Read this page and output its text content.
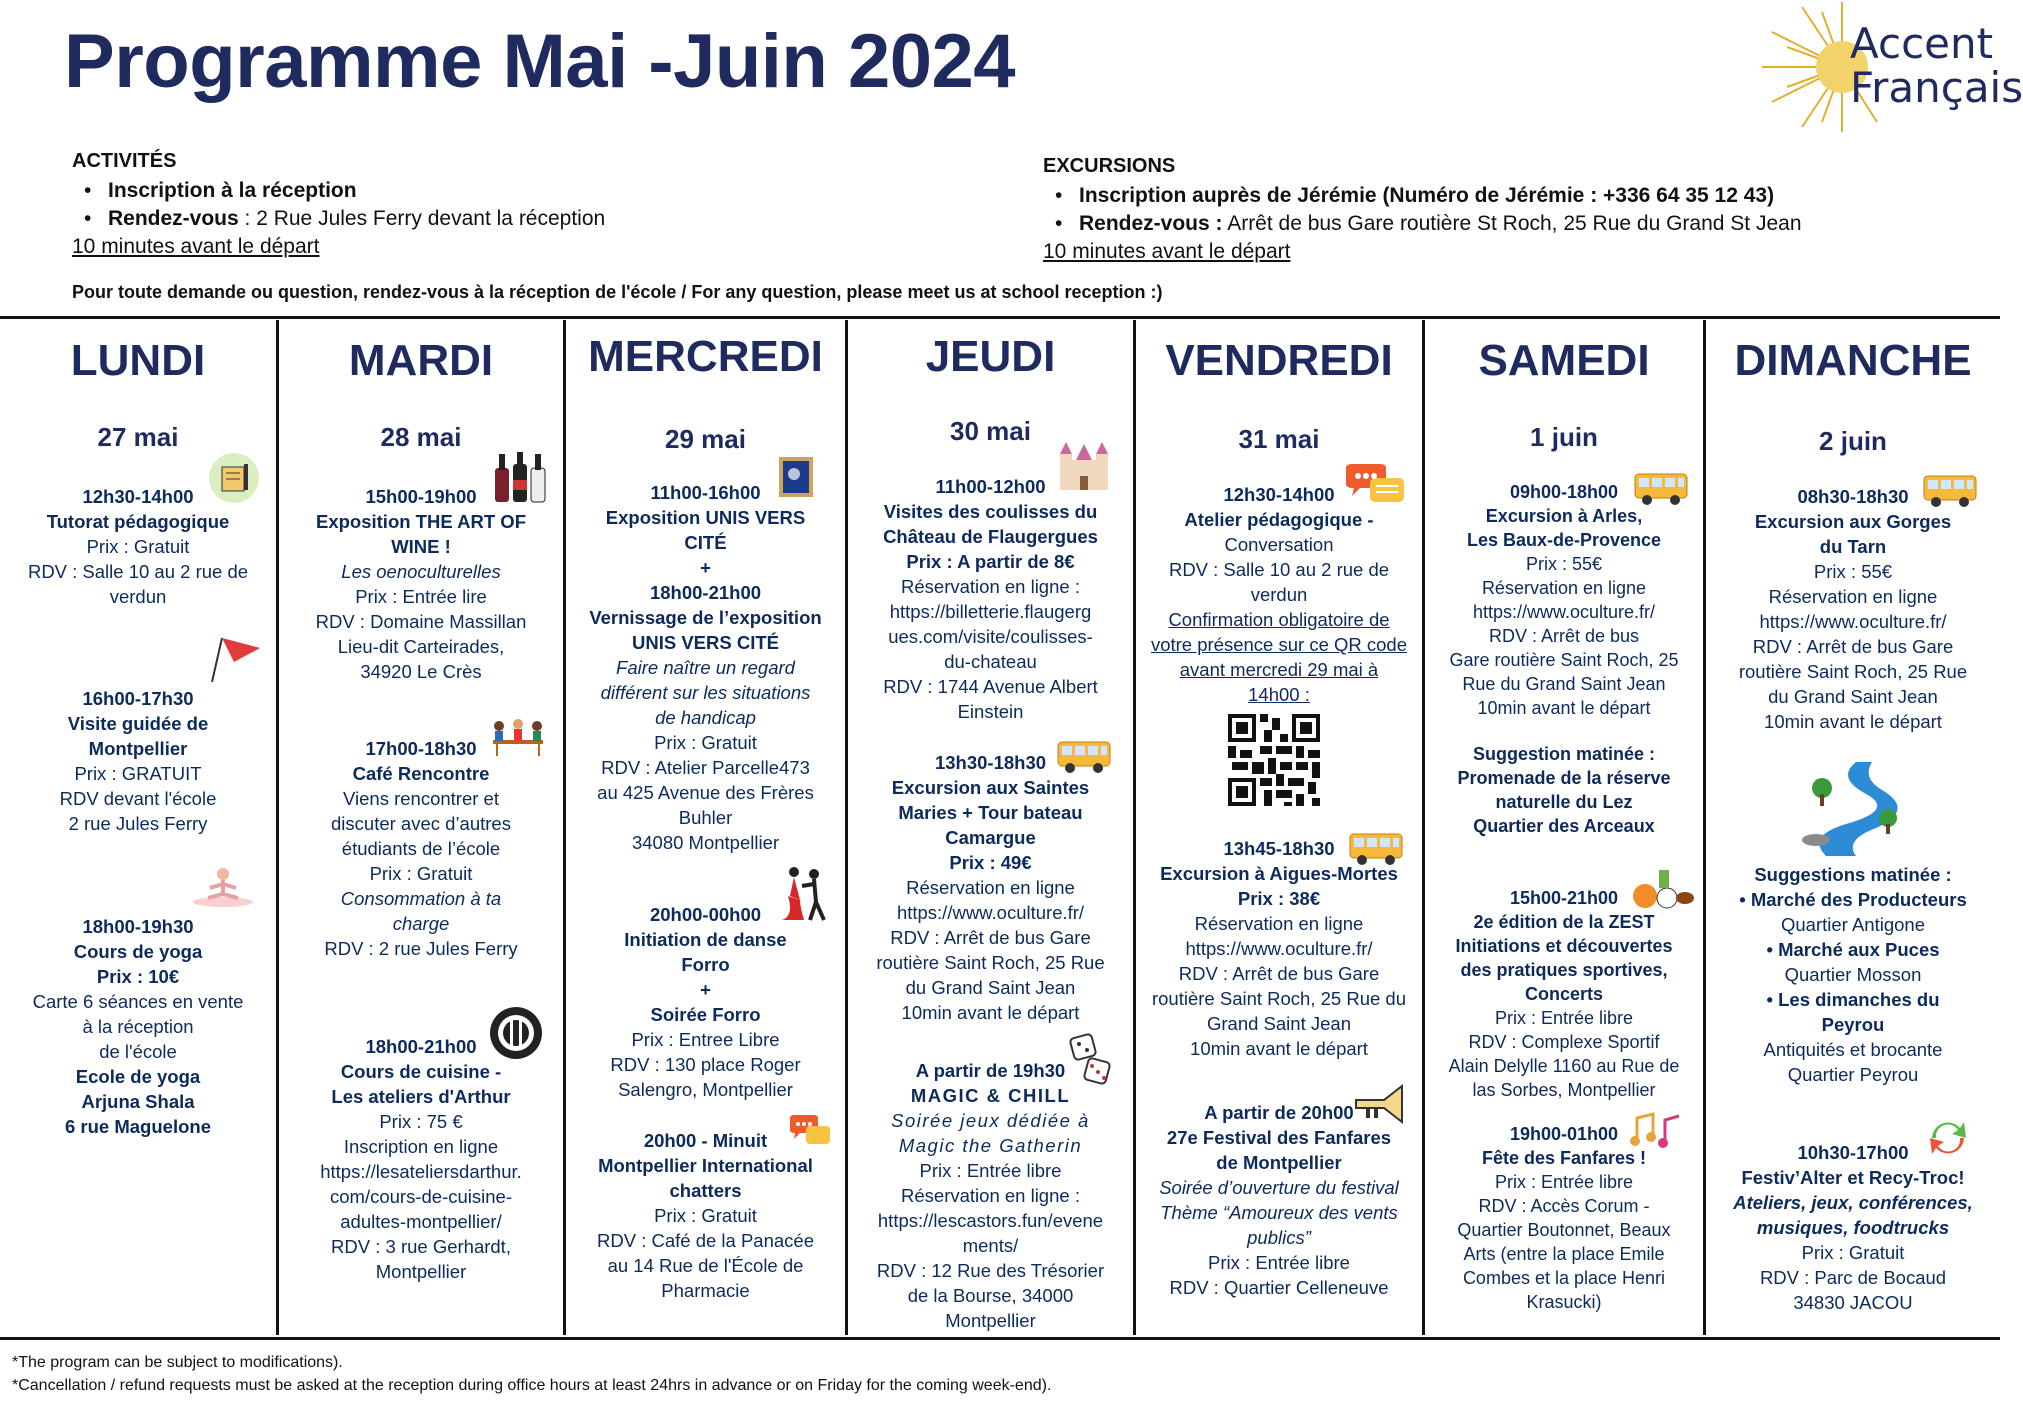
Programme Mai -Juin 2024	Accent
Français
ACTIVITÉS
• Inscription à la réception
• Rendez-vous : 2 Rue Jules Ferry devant la réception
10 minutes avant le départ
EXCURSIONS
• Inscription auprès de Jérémie (Numéro de Jérémie : +336 64 35 12 43)
• Rendez-vous : Arrêt de bus Gare routière St Roch, 25 Rue du Grand St Jean
10 minutes avant le départ
Pour toute demande ou question, rendez-vous à la réception de l'école / For any question, please meet us at school reception :)
LUNDI
27 mai
12h30-14h00
Tutorat pédagogique
Prix : Gratuit
RDV : Salle 10 au 2 rue de
verdun
16h00-17h30
Visite guidée de
Montpellier
Prix : GRATUIT
RDV devant l'école
2 rue Jules Ferry
18h00-19h30
Cours de yoga
Prix : 10€
Carte 6 séances en vente
à la réception
de l'école
Ecole de yoga
Arjuna Shala
6 rue Maguelone
MARDI
28 mai
15h00-19h00
Exposition THE ART OF
WINE !
Les oenoculturelles
Prix : Entrée lire
RDV : Domaine Massillan
Lieu-dit Carteirades,
34920 Le Crès
17h00-18h30
Café Rencontre
Viens rencontrer et
discuter avec d’autres
étudiants de l’école
Prix : Gratuit
Consommation à ta
charge
RDV : 2 rue Jules Ferry
18h00-21h00
Cours de cuisine -
Les ateliers d'Arthur
Prix : 75 €
Inscription en ligne
https://lesateliersdarthur.
com/cours-de-cuisine-
adultes-montpellier/
RDV : 3 rue Gerhardt,
Montpellier
MERCREDI
29 mai
11h00-16h00
Exposition UNIS VERS
CITÉ
+
18h00-21h00
Vernissage de l’exposition
UNIS VERS CITÉ
Faire naître un regard
différent sur les situations
de handicap
Prix : Gratuit
RDV : Atelier Parcelle473
au 425 Avenue des Frères
Buhler
34080 Montpellier
20h00-00h00
Initiation de danse
Forro
+
Soirée Forro
Prix : Entree Libre
RDV : 130 place Roger
Salengro, Montpellier
20h00 - Minuit
Montpellier International
chatters
Prix : Gratuit
RDV : Café de la Panacée
au 14 Rue de l'École de
Pharmacie
JEUDI
30 mai
11h00-12h00
Visites des coulisses du
Château de Flaugergues
Prix : A partir de 8€
Réservation en ligne :
https://billetterie.flaugerg
ues.com/visite/coulisses-
du-chateau
RDV : 1744 Avenue Albert
Einstein
13h30-18h30
Excursion aux Saintes
Maries + Tour bateau
Camargue
Prix : 49€
Réservation en ligne
https://www.oculture.fr/
RDV : Arrêt de bus Gare
routière Saint Roch, 25 Rue
du Grand Saint Jean
10min avant le départ
A partir de 19h30
MAGIC & CHILL
Soirée jeux dédiée à
Magic the Gatherin
Prix : Entrée libre
Réservation en ligne :
https://lescastors.fun/evene
ments/
RDV : 12 Rue des Trésorier
de la Bourse, 34000
Montpellier
VENDREDI
31 mai
12h30-14h00
Atelier pédagogique -
Conversation
RDV : Salle 10 au 2 rue de
verdun
Confirmation obligatoire de
votre présence sur ce QR code
avant mercredi 29 mai à
14h00 :
13h45-18h30
Excursion à Aigues-Mortes
Prix : 38€
Réservation en ligne
https://www.oculture.fr/
RDV : Arrêt de bus Gare
routière Saint Roch, 25 Rue du
Grand Saint Jean
10min avant le départ
A partir de 20h00
27e Festival des Fanfares
de Montpellier
Soirée d’ouverture du festival
Thème “Amoureux des vents
publics”
Prix : Entrée libre
RDV : Quartier Celleneuve
SAMEDI
1 juin
09h00-18h00
Excursion à Arles,
Les Baux-de-Provence
Prix : 55€
Réservation en ligne
https://www.oculture.fr/
RDV : Arrêt de bus
Gare routière Saint Roch, 25
Rue du Grand Saint Jean
10min avant le départ
Suggestion matinée :
Promenade de la réserve
naturelle du Lez
Quartier des Arceaux
15h00-21h00
2e édition de la ZEST
Initiations et découvertes
des pratiques sportives,
Concerts
Prix : Entrée libre
RDV : Complexe Sportif
Alain Delylle 1160 au Rue de
las Sorbes, Montpellier
19h00-01h00
Fête des Fanfares !
Prix : Entrée libre
RDV : Accès Corum -
Quartier Boutonnet, Beaux
Arts (entre la place Emile
Combes et la place Henri
Krasucki)
DIMANCHE
2 juin
08h30-18h30
Excursion aux Gorges
du Tarn
Prix : 55€
Réservation en ligne
https://www.oculture.fr/
RDV : Arrêt de bus Gare
routière Saint Roch, 25 Rue
du Grand Saint Jean
10min avant le départ
Suggestions matinée :
• Marché des Producteurs
Quartier Antigone
• Marché aux Puces
Quartier Mosson
• Les dimanches du
Peyrou
Antiquités et brocante
Quartier Peyrou
10h30-17h00
Festiv’Alter et Recy-Troc!
Ateliers, jeux, conférences,
musiques, foodtrucks
Prix : Gratuit
RDV : Parc de Bocaud
34830 JACOU
*The program can be subject to modifications).
*Cancellation / refund requests must be asked at the reception during office hours at least 24hrs in advance or on Friday for the coming week-end).
